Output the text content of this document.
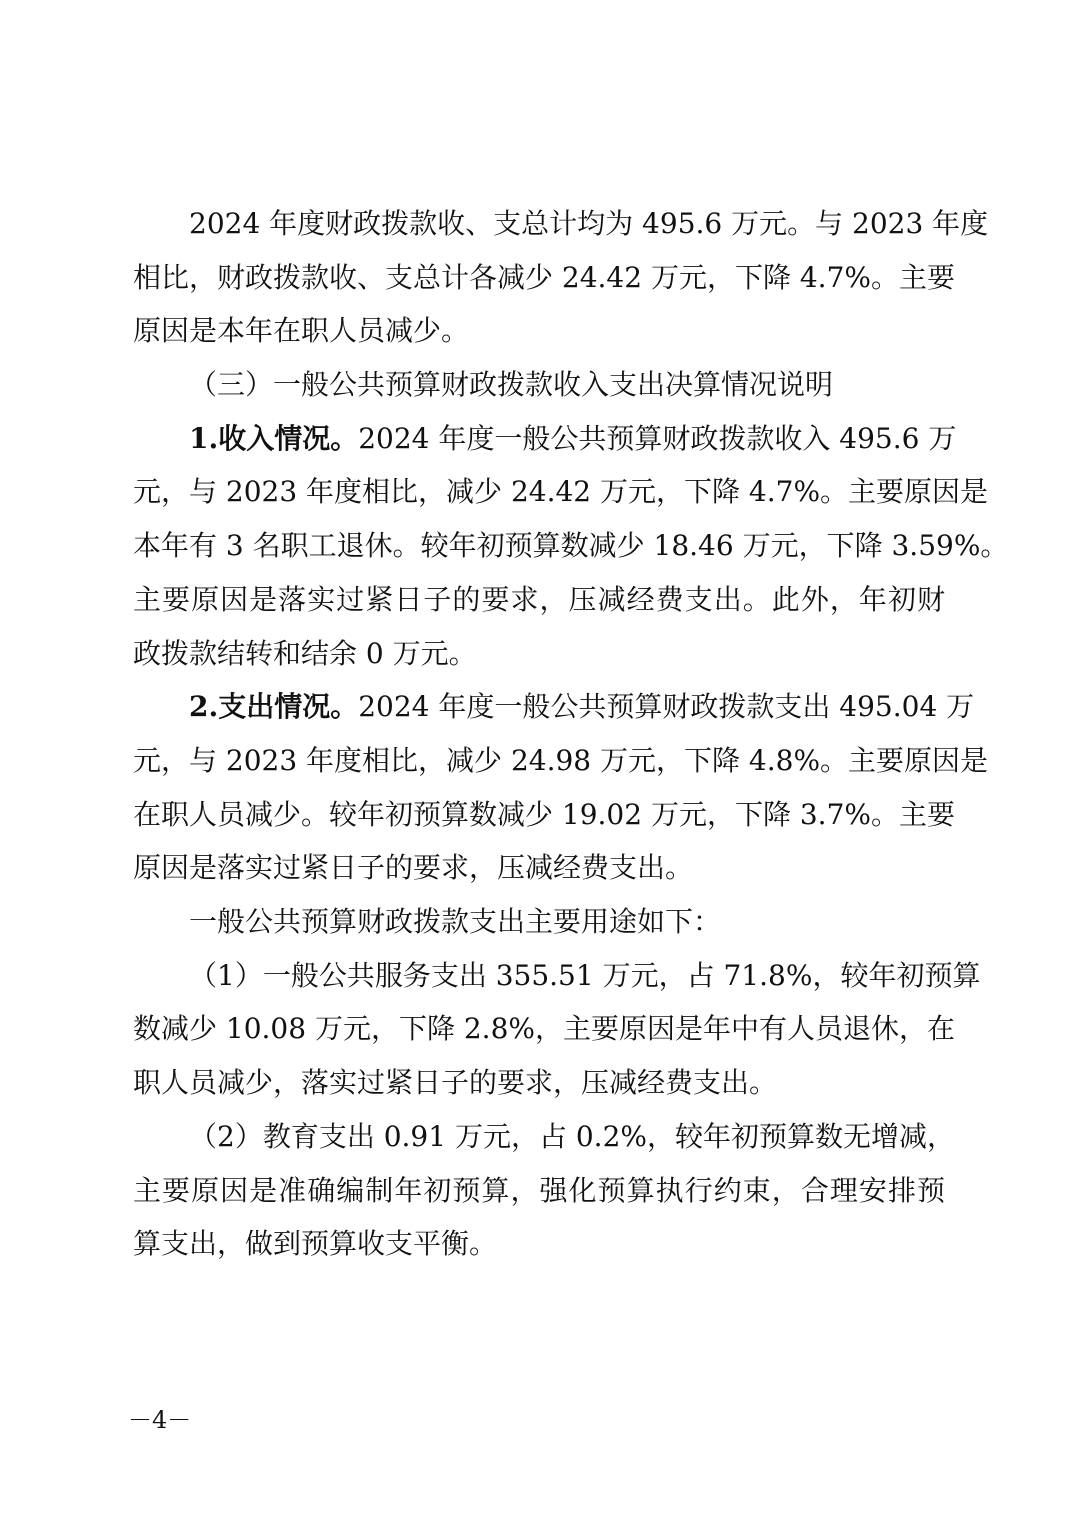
2024 年度财政拨款收、支总计均为 495.6 万元。与 2023 年度
相比，财政拨款收、支总计各减少 24.42 万元，下降 4.7%。主要
原因是本年在职人员减少。
（三）一般公共预算财政拨款收入支出决算情况说明
1.收入情况。2024 年度一般公共预算财政拨款收入 495.6 万
元，与 2023 年度相比，减少 24.42 万元，下降 4.7%。主要原因是
本年有 3 名职工退休。较年初预算数减少 18.46 万元，下降 3.59%。
主要原因是落实过紧日子的要求，压减经费支出。此外，年初财
政拨款结转和结余 0 万元。
2.支出情况。2024 年度一般公共预算财政拨款支出 495.04 万
元，与 2023 年度相比，减少 24.98 万元，下降 4.8%。主要原因是
在职人员减少。较年初预算数减少 19.02 万元，下降 3.7%。主要
原因是落实过紧日子的要求，压减经费支出。
一般公共预算财政拨款支出主要用途如下：
（1）一般公共服务支出 355.51 万元，占 71.8%，较年初预算
数减少 10.08 万元，下降 2.8%，主要原因是年中有人员退休，在
职人员减少，落实过紧日子的要求，压减经费支出。
（2）教育支出 0.91 万元，占 0.2%，较年初预算数无增减，
主要原因是准确编制年初预算，强化预算执行约束，合理安排预
算支出，做到预算收支平衡。
－4－
